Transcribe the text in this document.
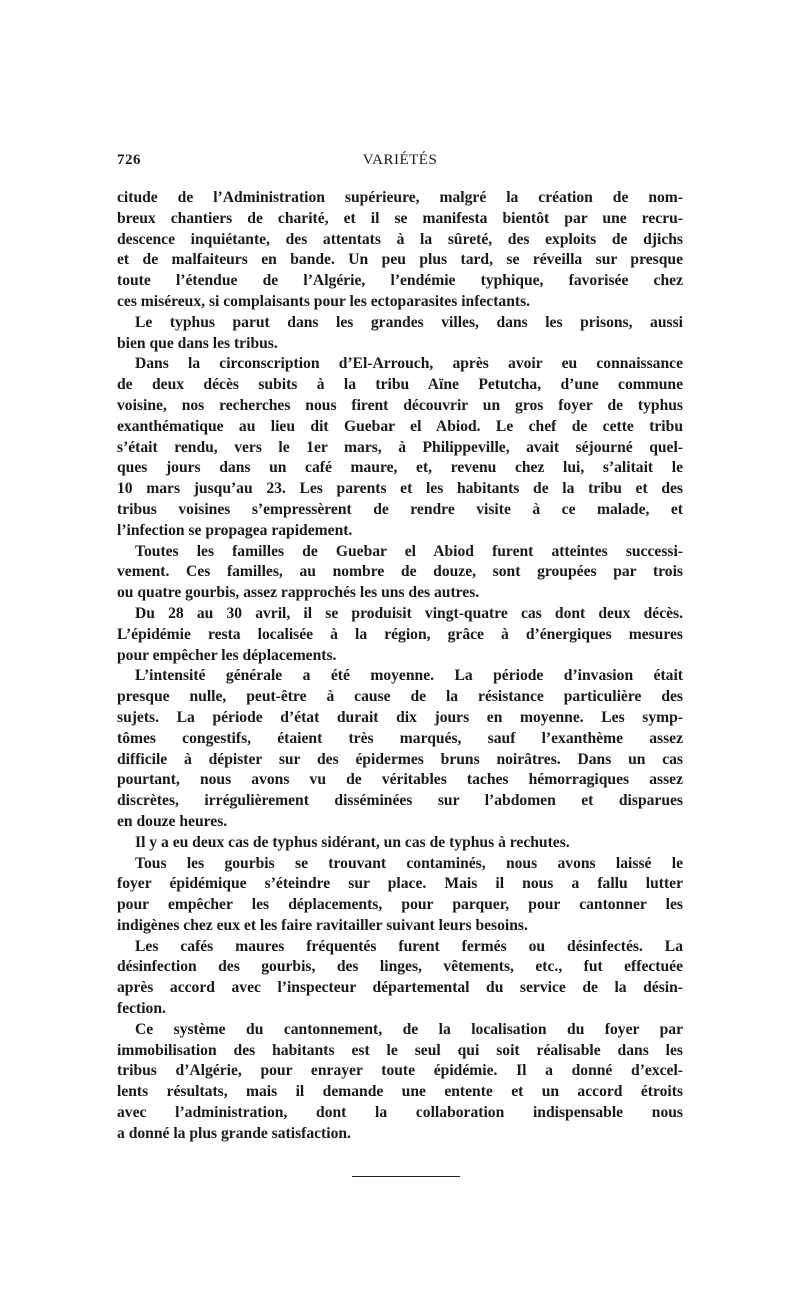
726	VARIÉTÉS
citude de l’Administration supérieure, malgré la création de nom-
breux chantiers de charité, et il se manifesta bientôt par une recru-
descence inquiétante, des attentats à la sûreté, des exploits de djichs
et de malfaiteurs en bande. Un peu plus tard, se réveilla sur presque
toute l’étendue de l’Algérie, l’endémie typhique, favorisée chez
ces miséreux, si complaisants pour les ectoparasites infectants.
Le typhus parut dans les grandes villes, dans les prisons, aussi
bien que dans les tribus.
Dans la circonscription d’El-Arrouch, après avoir eu connaissance
de deux décès subits à la tribu Aïne Petutcha, d’une commune
voisine, nos recherches nous firent découvrir un gros foyer de typhus
exanthématique au lieu dit Guebar el Abiod. Le chef de cette tribu
s’était rendu, vers le 1er mars, à Philippeville, avait séjourné quel-
ques jours dans un café maure, et, revenu chez lui, s’alitait le
10 mars jusqu’au 23. Les parents et les habitants de la tribu et des
tribus voisines s’empressèrent de rendre visite à ce malade, et
l’infection se propagea rapidement.
Toutes les familles de Guebar el Abiod furent atteintes successi-
vement. Ces familles, au nombre de douze, sont groupées par trois
ou quatre gourbis, assez rapprochés les uns des autres.
Du 28 au 30 avril, il se produisit vingt-quatre cas dont deux décès.
L’épidémie resta localisée à la région, grâce à d’énergiques mesures
pour empêcher les déplacements.
L’intensité générale a été moyenne. La période d’invasion était
presque nulle, peut-être à cause de la résistance particulière des
sujets. La période d’état durait dix jours en moyenne. Les symp-
tômes congestifs, étaient très marqués, sauf l’exanthème assez
difficile à dépister sur des épidermes bruns noirâtres. Dans un cas
pourtant, nous avons vu de véritables taches hémorragiques assez
discrètes, irrégulièrement disséminées sur l’abdomen et disparues
en douze heures.
Il y a eu deux cas de typhus sidérant, un cas de typhus à rechutes.
Tous les gourbis se trouvant contaminés, nous avons laissé le
foyer épidémique s’éteindre sur place. Mais il nous a fallu lutter
pour empêcher les déplacements, pour parquer, pour cantonner les
indigènes chez eux et les faire ravitailler suivant leurs besoins.
Les cafés maures fréquentés furent fermés ou désinfectés. La
désinfection des gourbis, des linges, vêtements, etc., fut effectuée
après accord avec l’inspecteur départemental du service de la désin-
fection.
Ce système du cantonnement, de la localisation du foyer par
immobilisation des habitants est le seul qui soit réalisable dans les
tribus d’Algérie, pour enrayer toute épidémie. Il a donné d’excel-
lents résultats, mais il demande une entente et un accord étroits
avec l’administration, dont la collaboration indispensable nous
a donné la plus grande satisfaction.
